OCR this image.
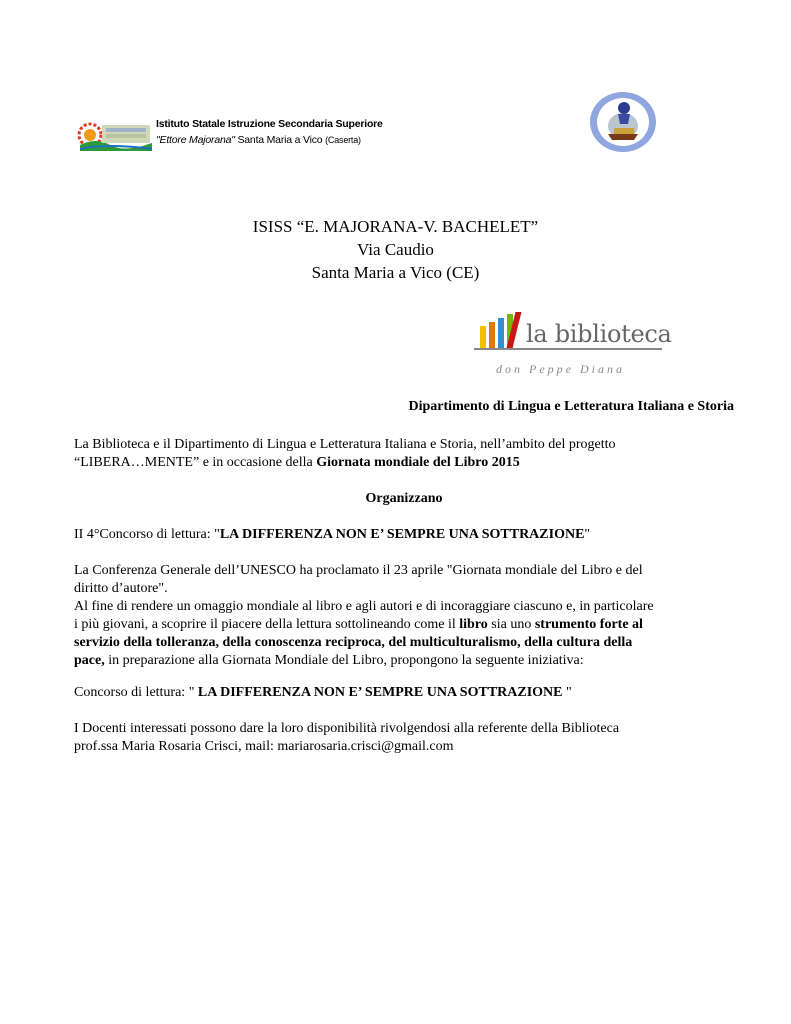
Istituto Statale Istruzione Secondaria Superiore
"Ettore Majorana" Santa Maria a Vico (Caserta)
ISISS “E. MAJORANA-V. BACHELET”
Via Caudio
Santa Maria a Vico (CE)
la biblioteca
don Peppe Diana
Dipartimento di Lingua e Letteratura Italiana e Storia
La Biblioteca e il Dipartimento di Lingua e Letteratura Italiana e Storia, nell’ambito del progetto
“LIBERA…MENTE” e in occasione della Giornata mondiale del Libro 2015
Organizzano
II 4°Concorso di lettura: "LA DIFFERENZA NON E’ SEMPRE UNA SOTTRAZIONE"
La Conferenza Generale dell’UNESCO ha proclamato il 23 aprile "Giornata mondiale del Libro e del
diritto d’autore".
Al fine di rendere un omaggio mondiale al libro e agli autori e di incoraggiare ciascuno e, in particolare
i più giovani, a scoprire il piacere della lettura sottolineando come il libro sia uno strumento forte al
servizio della tolleranza, della conoscenza reciproca, del multiculturalismo, della cultura della
pace, in preparazione alla Giornata Mondiale del Libro, propongono la seguente iniziativa:
Concorso di lettura: " LA DIFFERENZA NON E’ SEMPRE UNA SOTTRAZIONE "
I Docenti interessati possono dare la loro disponibilità rivolgendosi alla referente della Biblioteca
prof.ssa Maria Rosaria Crisci, mail: mariarosaria.crisci@gmail.com
